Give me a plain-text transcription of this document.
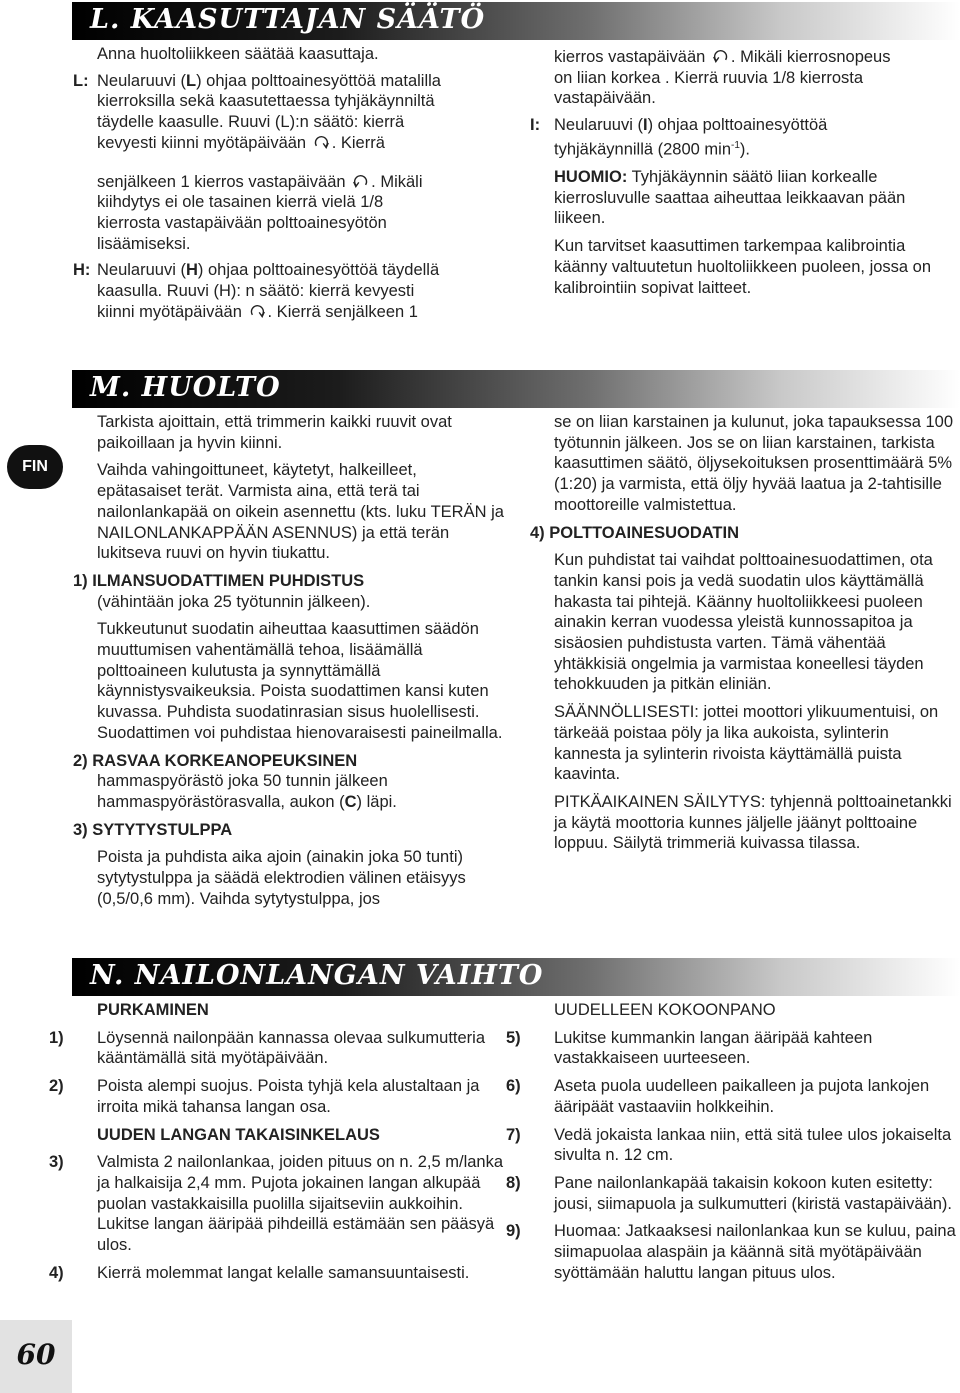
FIN
60
L. KAASUTTAJAN SÄÄTÖ

Anna huoltoliikkeen säätää kaasuttaja.

L: Neularuuvi (L) ohjaa polttoainesyöttöä matalilla
kierroksilla sekä kaasutettaessa tyhjäkäynniltä
täydelle kaasulle. Ruuvi (L):n säätö: kierrä
kevyesti kiinni myötäpäivään . Kierrä
senjälkeen 1 kierros vastapäivään . Mikäli
kiihdytys ei ole tasainen kierrä vielä 1/8
kierrosta vastapäivään polttoainesyötön
lisäämiseksi.
H: Neularuuvi (H) ohjaa polttoainesyöttöä täydellä
kaasulla. Ruuvi (H): n säätö: kierrä kevyesti
kiinni myötäpäivään . Kierrä senjälkeen 1
kierros vastapäivään . Mikäli kierrosnopeus
on liian korkea . Kierrä ruuvia 1/8 kierrosta
vastapäivään.
I: Neularuuvi (I) ohjaa polttoainesyöttöä
tyhjäkäynnillä (2800 $\min^{-1}$).

HUOMIO: Tyhjäkäynnin säätö liian korkealle kierrosluvulle saattaa aiheuttaa leikkaavan pään liikeen.

Kun tarvitset kaasuttimen tarkempaa kalibrointia käänny valtuutetun huoltoliikkeen puoleen, jossa on kalibrointiin sopivat laitteet.

M. HUOLTO

Tarkista ajoittain, että trimmerin kaikki ruuvit ovat paikoillaan ja hyvin kiinni.

Vaihda vahingoittuneet, käytetyt, halkeilleet, epätasaiset terät. Varmista aina, että terä tai nailonlankapää on oikein asennettu (kts. luku TERÄN ja NAILONLANKAPPÄÄN ASENNUS) ja että terän lukitseva ruuvi on hyvin tiukattu.

1) ILMANSUODATTIMEN PUHDISTUS

(vähintään joka 25 työtunnin jälkeen).

Tukkeutunut suodatin aiheuttaa kaasuttimen säädön muuttumisen vahentämällä tehoa, lisäämällä polttoaineen kulutusta ja synnyttämällä käynnistysvaikeuksia. Poista suodattimen kansi kuten kuvassa. Puhdista suodatinrasian sisus huolellisesti. Suodattimen voi puhdistaa hienovaraisesti paineilmalla.

2) RASVAA KORKEANOPEUKSINEN

hammaspyörästö joka 50 tunnin jälkeen
hammaspyörästörasvalla, aukon (C) läpi.

3) SYTYTYSTULPPA

Poista ja puhdista aika ajoin (ainakin joka 50 tunti) sytytystulppa ja säädä elektrodien välinen etäisyys (0,5/0,6 mm). Vaihda sytytystulppa, jos

se on liian karstainen ja kulunut, joka tapauksessa 100 työtunnin jälkeen. Jos se on liian karstainen, tarkista kaasuttimen säätö, öljysekoituksen prosenttimäärä 5% (1:20) ja varmista, että öljy hyvää laatua ja 2-tahtisille moottoreille valmistettua.

4) POLTTOAINESUODATIN

Kun puhdistat tai vaihdat polttoainesuodattimen, ota tankin kansi pois ja vedä suodatin ulos käyttämällä hakasta tai pihtejä. Käänny huoltoliikkeesi puoleen ainakin kerran vuodessa yleistä kunnossapitoa ja sisäosien puhdistusta varten. Tämä vähentää yhtäkkisiä ongelmia ja varmistaa koneellesi täyden tehokkuuden ja pitkän eliniän.

SÄÄNNÖLLISESTI: jottei moottori ylikuumentuisi, on tärkeää poistaa pöly ja lika aukoista, sylinterin kannesta ja sylinterin rivoista käyttämällä puista kaavinta.

PITKÄAIKAINEN SÄILYTYS: tyhjennä polttoainetankki ja käytä moottoria kunnes jäljelle jäänyt polttoaine loppuu. Säilytä trimmeriä kuivassa tilassa.

N. NAILONLANGAN VAIHTO

PURKAMINEN

1) Löysennä nailonpään kannassa olevaa sulkumutteria kääntämällä sitä myötäpäivään.

2) Poista alempi suojus. Poista tyhjä kela alustaltaan ja irroita mikä tahansa langan osa.

UUDEN LANGAN TAKAISINKELAUS

3) Valmista 2 nailonlankaa, joiden pituus on n. 2,5 m/lanka ja halkaisija 2,4 mm. Pujota jokainen langan alkupää puolan vastakkaisilla puolilla sijaitseviin aukkoihin. Lukitse langan ääripää pihdeillä estämään sen pääsyä ulos.

4) Kierrä molemmat langat kelalle samansuuntaisesti.

UUDELLEEN KOKOONPANO

5) Lukitse kummankin langan ääripää kahteen vastakkaiseen uurteeseen.

6) Aseta puola uudelleen paikalleen ja pujota lankojen ääripäät vastaaviin holkkeihin.

7) Vedä jokaista lankaa niin, että sitä tulee ulos jokaiselta sivulta n. 12 cm.

8) Pane nailonlankapää takaisin kokoon kuten esitetty: jousi, siimapuola ja sulkumutteri (kiristä vastapäivään).

9) Huomaa: Jatkaaksesi nailonlankaa kun se kuluu, paina siimapuolaa alaspäin ja käännä sitä myötäpäivään syöttämään haluttu langan pituus ulos.
